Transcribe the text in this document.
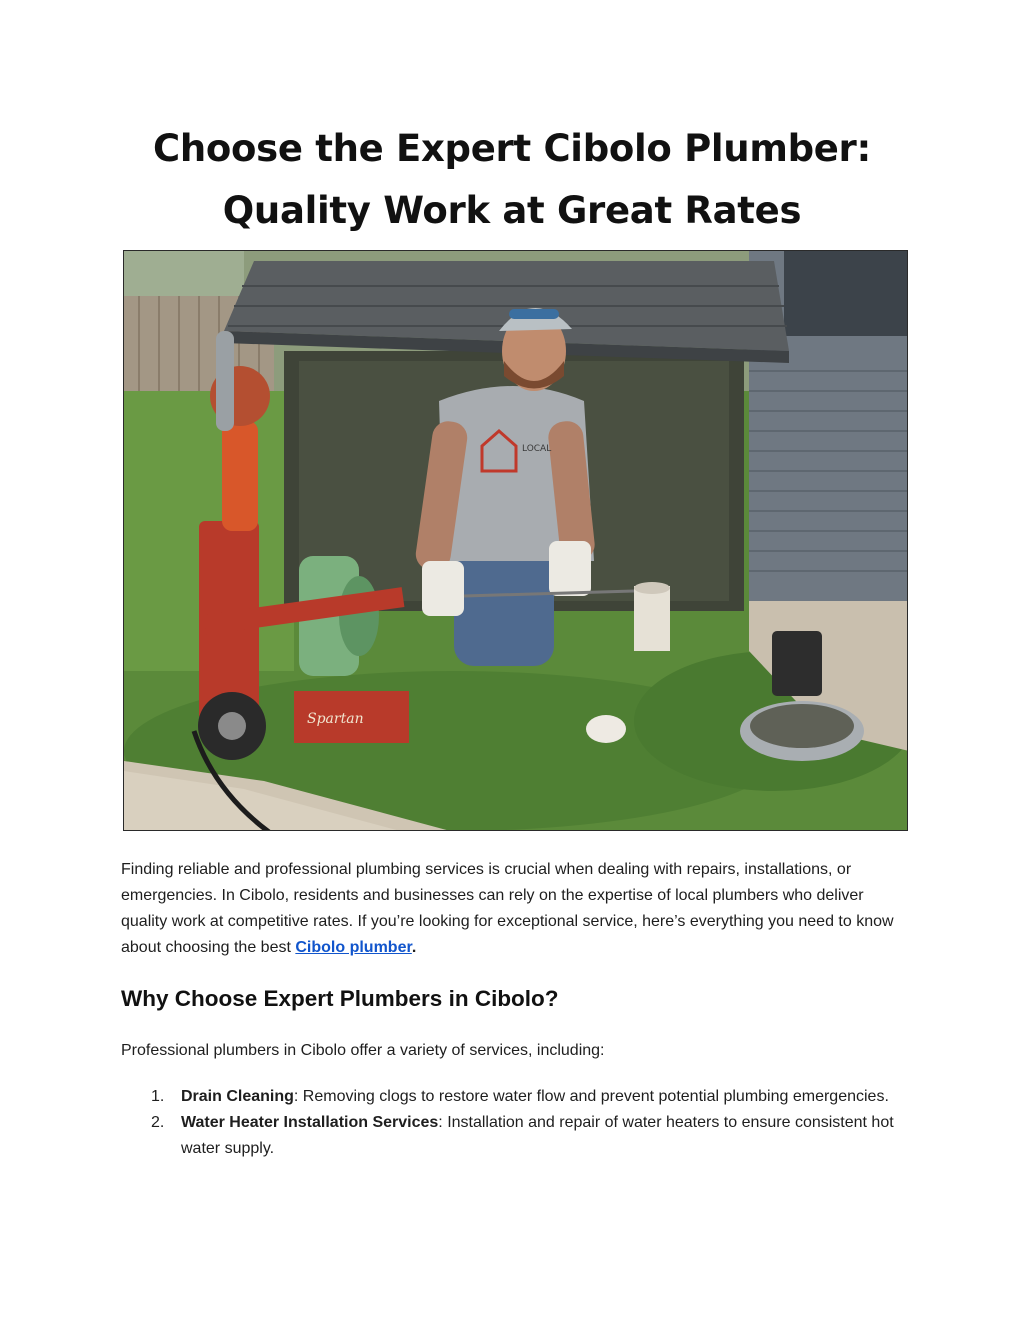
Choose the Expert Cibolo Plumber: Quality Work at Great Rates
LOCAL
Spartan

Finding reliable and professional plumbing services is crucial when dealing with repairs, installations, or emergencies. In Cibolo, residents and businesses can rely on the expertise of local plumbers who deliver quality work at competitive rates. If you’re looking for exceptional service, here’s everything you need to know about choosing the best Cibolo plumber.

Why Choose Expert Plumbers in Cibolo?

Professional plumbers in Cibolo offer a variety of services, including:

1. Drain Cleaning: Removing clogs to restore water flow and prevent potential plumbing emergencies.
2. Water Heater Installation Services: Installation and repair of water heaters to ensure consistent hot water supply.
